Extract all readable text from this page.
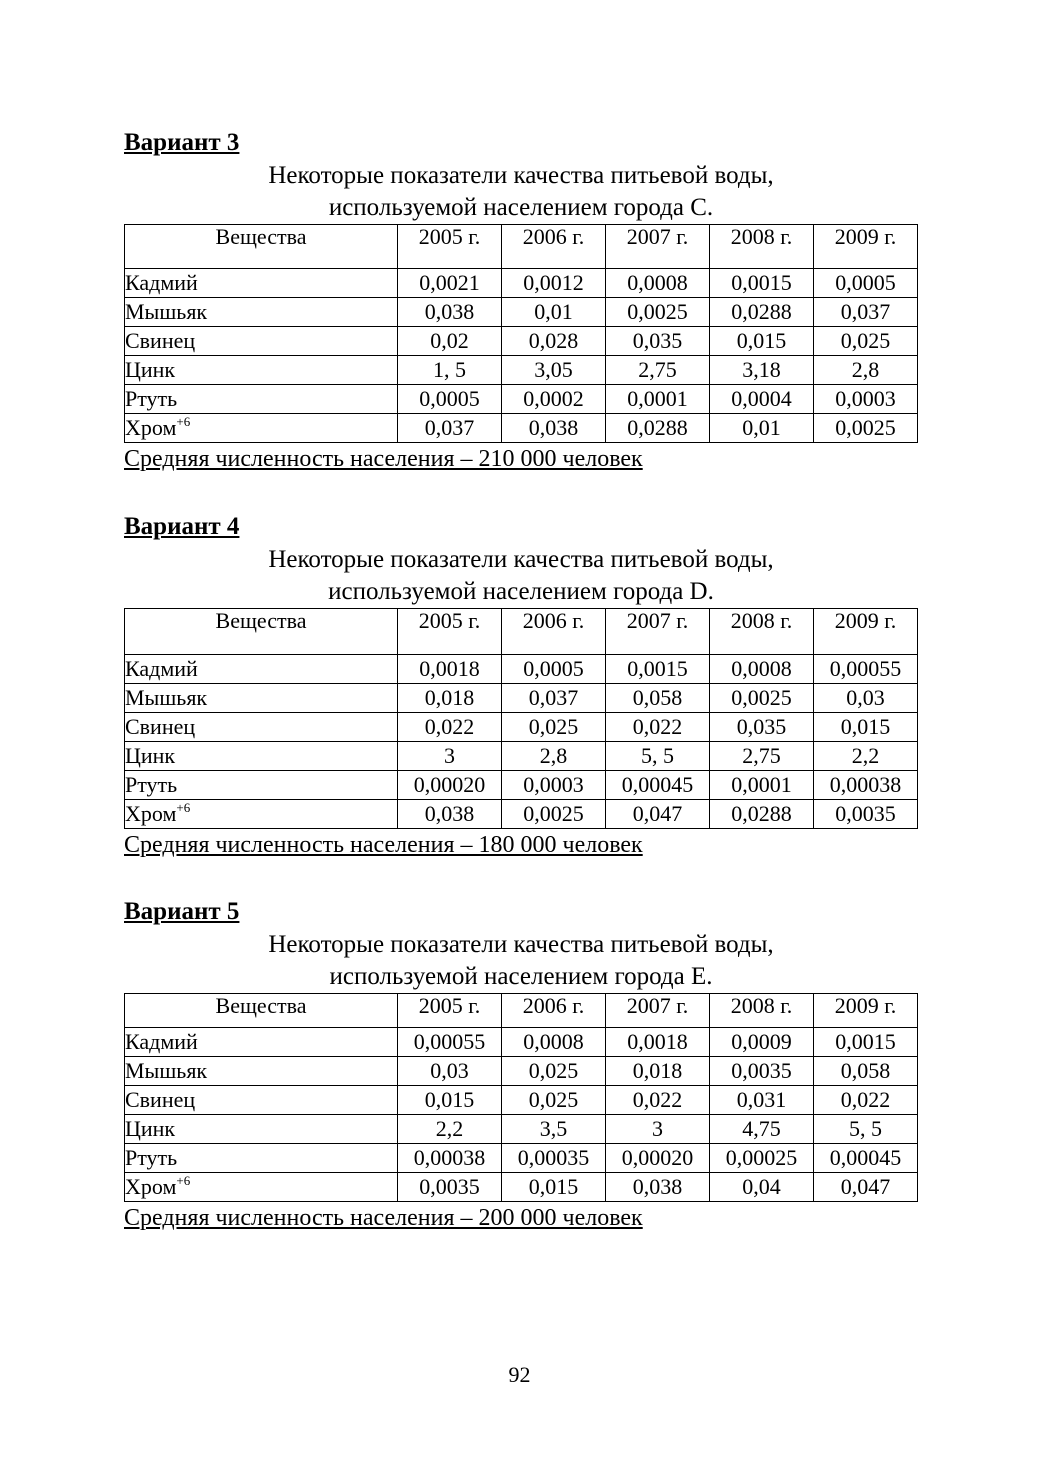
Вариант 3
Некоторые показатели качества питьевой воды,
используемой населением города С.
Вещества	2005 г.	2006 г.	2007 г.	2008 г.	2009 г.
Кадмий	0,0021	0,0012	0,0008	0,0015	0,0005
Мышьяк	0,038	0,01	0,0025	0,0288	0,037
Свинец	0,02	0,028	0,035	0,015	0,025
Цинк	1, 5	3,05	2,75	3,18	2,8
Ртуть	0,0005	0,0002	0,0001	0,0004	0,0003
Хром$^{+6}$	0,037	0,038	0,0288	0,01	0,0025
Средняя численность населения – 210 000 человек
Вариант 4
Некоторые показатели качества питьевой воды,
используемой населением города D.
Вещества	2005 г.	2006 г.	2007 г.	2008 г.	2009 г.
Кадмий	0,0018	0,0005	0,0015	0,0008	0,00055
Мышьяк	0,018	0,037	0,058	0,0025	0,03
Свинец	0,022	0,025	0,022	0,035	0,015
Цинк	3	2,8	5, 5	2,75	2,2
Ртуть	0,00020	0,0003	0,00045	0,0001	0,00038
Хром$^{+6}$	0,038	0,0025	0,047	0,0288	0,0035
Средняя численность населения – 180 000 человек
Вариант 5
Некоторые показатели качества питьевой воды,
используемой населением города Е.
Вещества	2005 г.	2006 г.	2007 г.	2008 г.	2009 г.
Кадмий	0,00055	0,0008	0,0018	0,0009	0,0015
Мышьяк	0,03	0,025	0,018	0,0035	0,058
Свинец	0,015	0,025	0,022	0,031	0,022
Цинк	2,2	3,5	3	4,75	5, 5
Ртуть	0,00038	0,00035	0,00020	0,00025	0,00045
Хром$^{+6}$	0,0035	0,015	0,038	0,04	0,047
Средняя численность населения – 200 000 человек
92
